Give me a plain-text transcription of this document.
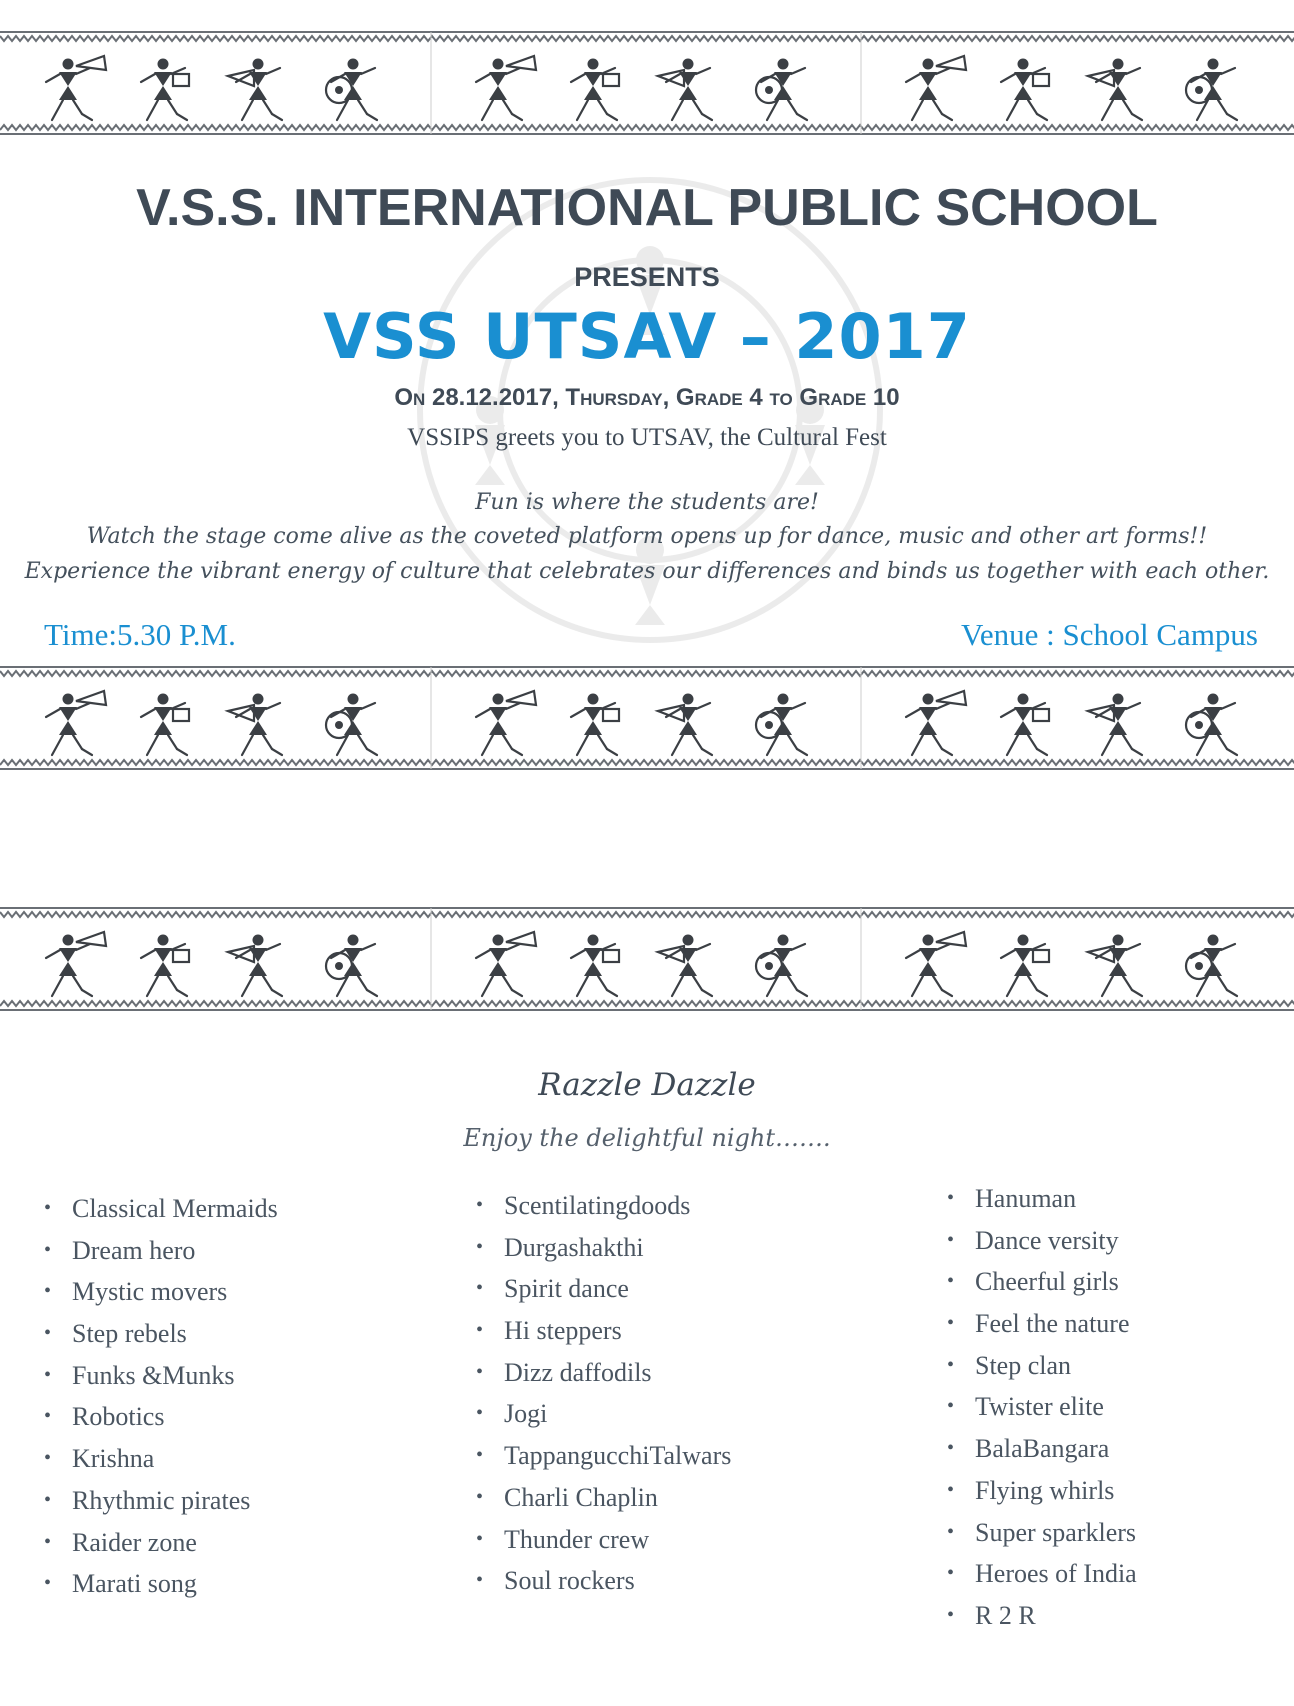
V.S.S. INTERNATIONAL PUBLIC SCHOOL
PRESENTS
VSS UTSAV – 2017
On 28.12.2017, Thursday, Grade 4 to Grade 10
VSSIPS greets you to UTSAV, the Cultural Fest
Fun is where the students are!
Watch the stage come alive as the coveted platform opens up for dance, music and other art forms!!
Experience the vibrant energy of culture that celebrates our differences and binds us together with each other.
Time:5.30 P.M.	Venue : School Campus
Razzle Dazzle
Enjoy the delightful night…….
• Classical Mermaids
• Dream hero
• Mystic movers
• Step rebels
• Funks &Munks
• Robotics
• Krishna
• Rhythmic pirates
• Raider zone
• Marati song
• Scentilatingdoods
• Durgashakthi
• Spirit dance
• Hi steppers
• Dizz daffodils
• Jogi
• TappangucchiTalwars
• Charli Chaplin
• Thunder crew
• Soul rockers
• Hanuman
• Dance versity
• Cheerful girls
• Feel the nature
• Step clan
• Twister elite
• BalaBangara
• Flying whirls
• Super sparklers
• Heroes of India
• R 2 R
